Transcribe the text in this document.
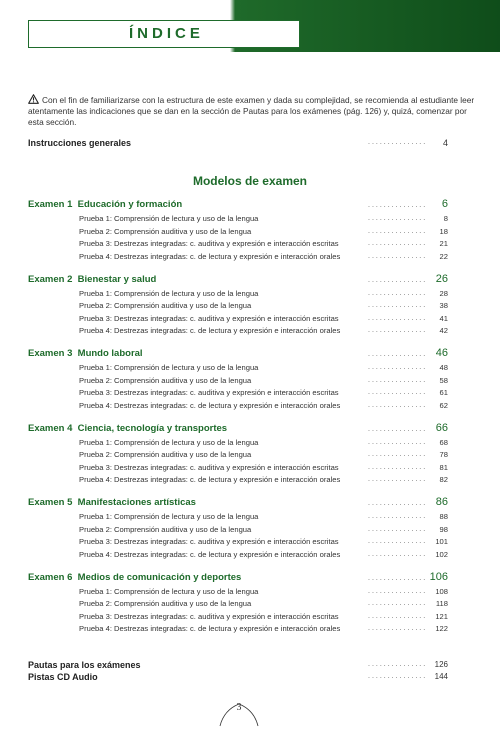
ÍNDICE
Con el fin de familiarizarse con la estructura de este examen y dada su complejidad, se recomienda al estudiante leer atentamente las indicaciones que se dan en la sección de Pautas para los exámenes (pág. 126) y, quizá, comenzar por esta sección.
Instrucciones generales	............... 4
Modelos de examen
Examen 1 Educación y formación	............... 6
Prueba 1: Comprensión de lectura y uso de la lengua	............... 8
Prueba 2: Comprensión auditiva y uso de la lengua	............... 18
Prueba 3: Destrezas integradas: c. auditiva y expresión e interacción escritas	............... 21
Prueba 4: Destrezas integradas: c. de lectura y expresión e interacción orales	............... 22
Examen 2 Bienestar y salud	............... 26
Prueba 1: Comprensión de lectura y uso de la lengua	............... 28
Prueba 2: Comprensión auditiva y uso de la lengua	............... 38
Prueba 3: Destrezas integradas: c. auditiva y expresión e interacción escritas	............... 41
Prueba 4: Destrezas integradas: c. de lectura y expresión e interacción orales	............... 42
Examen 3 Mundo laboral	............... 46
Prueba 1: Comprensión de lectura y uso de la lengua	............... 48
Prueba 2: Comprensión auditiva y uso de la lengua	............... 58
Prueba 3: Destrezas integradas: c. auditiva y expresión e interacción escritas	............... 61
Prueba 4: Destrezas integradas: c. de lectura y expresión e interacción orales	............... 62
Examen 4 Ciencia, tecnología y transportes	............... 66
Prueba 1: Comprensión de lectura y uso de la lengua	............... 68
Prueba 2: Comprensión auditiva y uso de la lengua	............... 78
Prueba 3: Destrezas integradas: c. auditiva y expresión e interacción escritas	............... 81
Prueba 4: Destrezas integradas: c. de lectura y expresión e interacción orales	............... 82
Examen 5 Manifestaciones artísticas	............... 86
Prueba 1: Comprensión de lectura y uso de la lengua	............... 88
Prueba 2: Comprensión auditiva y uso de la lengua	............... 98
Prueba 3: Destrezas integradas: c. auditiva y expresión e interacción escritas	............... 101
Prueba 4: Destrezas integradas: c. de lectura y expresión e interacción orales	............... 102
Examen 6 Medios de comunicación y deportes	............... 106
Prueba 1: Comprensión de lectura y uso de la lengua	............... 108
Prueba 2: Comprensión auditiva y uso de la lengua	............... 118
Prueba 3: Destrezas integradas: c. auditiva y expresión e interacción escritas	............... 121
Prueba 4: Destrezas integradas: c. de lectura y expresión e interacción orales	............... 122
Pautas para los exámenes	............... 126
Pistas CD Audio	............... 144
3
